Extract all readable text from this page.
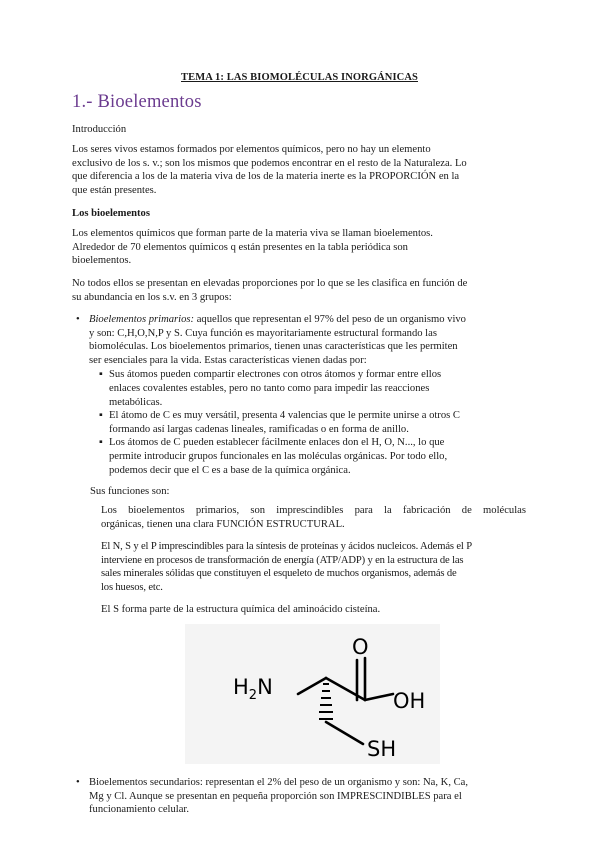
TEMA 1: LAS BIOMOLÉCULAS INORGÁNICAS
1.- Bioelementos
Introducción
Los seres vivos estamos formados por elementos químicos, pero no hay un elemento
exclusivo de los s. v.; son los mismos que podemos encontrar en el resto de la Naturaleza. Lo
que diferencia a los de la materia viva de los de la materia inerte es la PROPORCIÓN en la
que están presentes.
Los bioelementos
Los elementos químicos que forman parte de la materia viva se llaman bioelementos.
Alrededor de 70 elementos químicos q están presentes en la tabla periódica son
bioelementos.
No todos ellos se presentan en elevadas proporciones por lo que se les clasifica en función de
su abundancia en los s.v. en 3 grupos:
• Bioelementos primarios: aquellos que representan el 97% del peso de un organismo vivo
y son: C,H,O,N,P y S. Cuya función es mayoritariamente estructural formando las
biomoléculas. Los bioelementos primarios, tienen unas características que les permiten
ser esenciales para la vida. Estas características vienen dadas por:
▪ Sus átomos pueden compartir electrones con otros átomos y formar entre ellos
enlaces covalentes estables, pero no tanto como para impedir las reacciones
metabólicas.
▪ El átomo de C es muy versátil, presenta 4 valencias que le permite unirse a otros C
formando así largas cadenas lineales, ramificadas o en forma de anillo.
▪ Los átomos de C pueden establecer fácilmente enlaces don el H, O, N..., lo que
permite introducir grupos funcionales en las moléculas orgánicas. Por todo ello,
podemos decir que el C es a base de la química orgánica.
Sus funciones son:
Los bioelementos primarios, son imprescindibles para la fabricación de moléculas
orgánicas, tienen una clara FUNCIÓN ESTRUCTURAL.
El N, S y el P imprescindibles para la síntesis de proteínas y ácidos nucleicos. Además el P
interviene en procesos de transformación de energía (ATP/ADP) y en la estructura de las
sales minerales sólidas que constituyen el esqueleto de muchos organismos, además de
los huesos, etc.
El S forma parte de la estructura química del aminoácido cisteína.
$H_2N$
O
OH
SH
• Bioelementos secundarios: representan el 2% del peso de un organismo y son: Na, K, Ca,
Mg y Cl. Aunque se presentan en pequeña proporción son IMPRESCINDIBLES para el
funcionamiento celular.
